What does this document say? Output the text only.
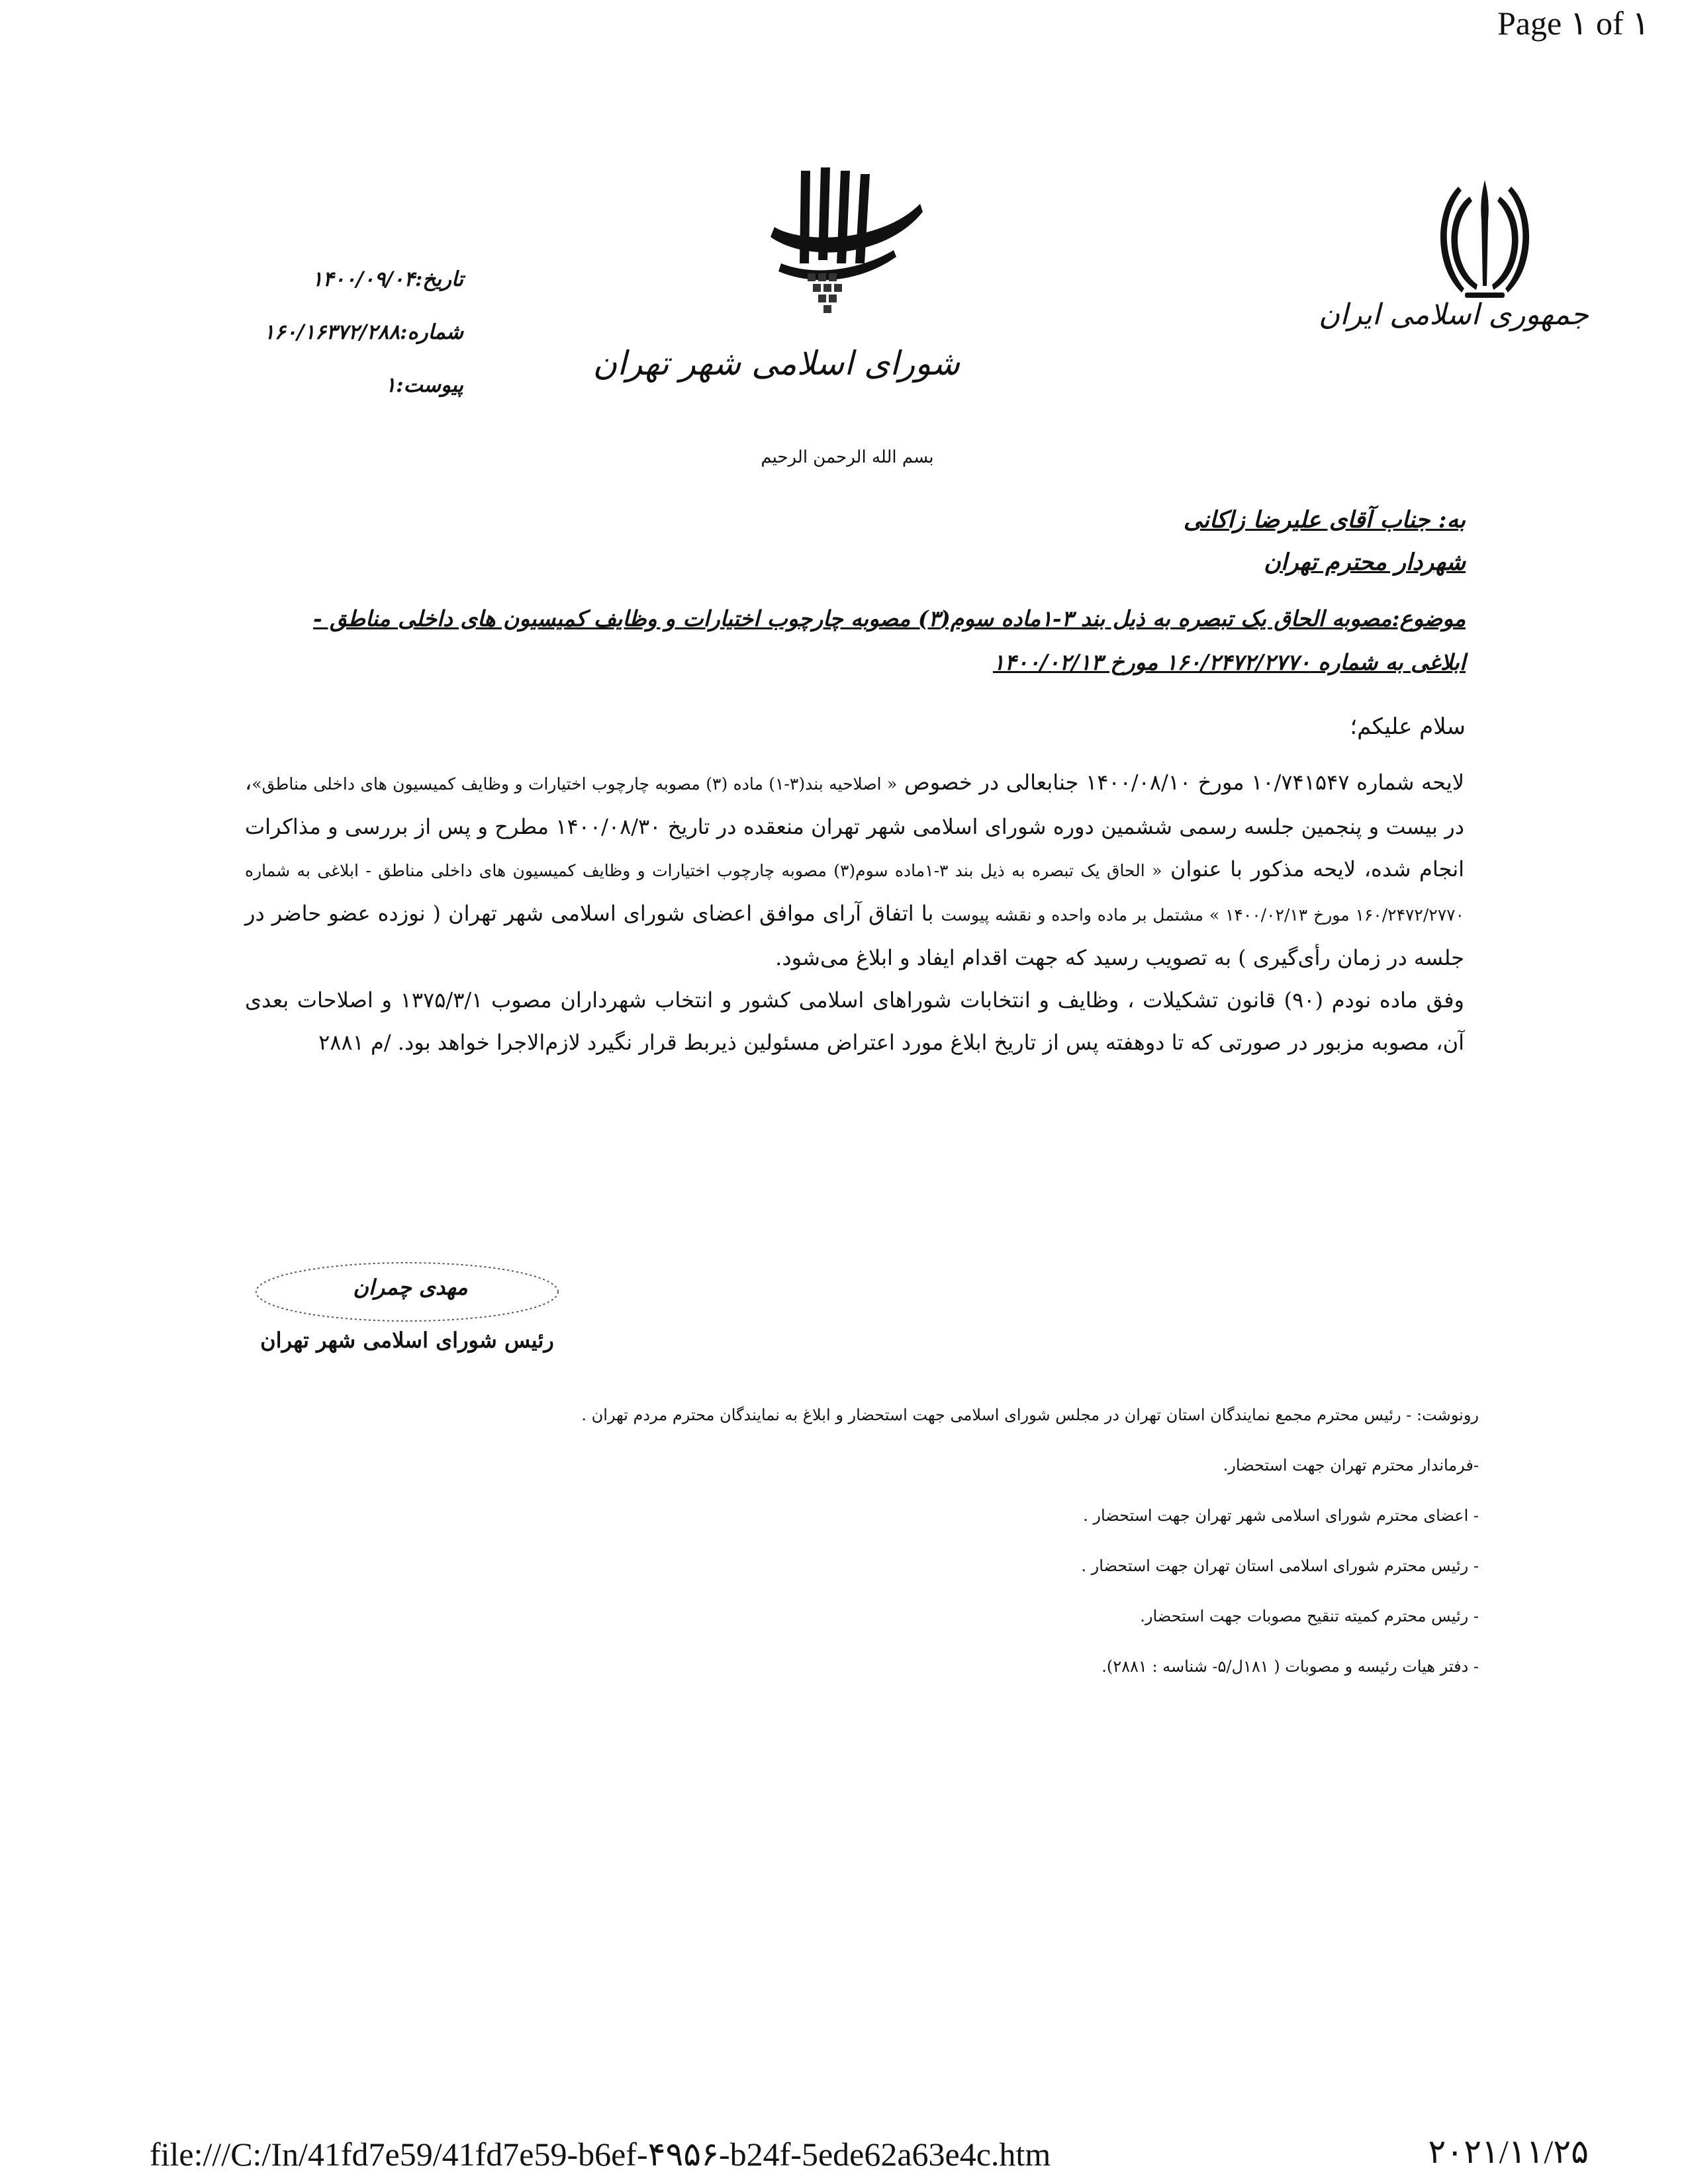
Page ۱ of ۱
جمهوری اسلامی ایران
شورای اسلامی شهر تهران
تاریخ:۱۴۰۰/۰۹/۰۴
شماره:۱۶۰/۱۶۳۷۲/۲۸۸
پیوست:۱
بسم الله الرحمن الرحیم
به: جناب آقای علیرضا زاکانی
شهردار محترم تهران
موضوع:مصوبه الحاق یک تبصره به ذیل بند ۳-۱ماده سوم(۳) مصوبه چارچوب اختیارات و وظایف کمیسیون های داخلی مناطق -
ابلاغی به شماره ۱۶۰/۲۴۷۲/۲۷۷۰ مورخ ۱۴۰۰/۰۲/۱۳
سلام علیکم؛

لایحه شماره ۱۰/۷۴۱۵۴۷ مورخ ۱۴۰۰/۰۸/۱۰ جنابعالی در خصوص « اصلاحیه بند(۳-۱) ماده (۳) مصوبه چارچوب اختیارات و وظایف کمیسیون های داخلی مناطق»، در بیست و پنجمین جلسه رسمی ششمین دوره شورای اسلامی شهر تهران منعقده در تاریخ ۱۴۰۰/۰۸/۳۰ مطرح و پس از بررسی و مذاکرات انجام شده، لایحه مذکور با عنوان « الحاق یک تبصره به ذیل بند ۳-۱ماده سوم(۳) مصوبه چارچوب اختیارات و وظایف کمیسیون های داخلی مناطق - ابلاغی به شماره ۱۶۰/۲۴۷۲/۲۷۷۰ مورخ ۱۴۰۰/۰۲/۱۳ » مشتمل بر ماده واحده و نقشه پیوست با اتفاق آرای موافق اعضای شورای اسلامی شهر تهران ( نوزده عضو حاضر در جلسه در زمان رأی‌گیری ) به تصویب رسید که جهت اقدام ایفاد و ابلاغ می‌شود.

وفق ماده نودم (۹۰) قانون تشکیلات ، وظایف و انتخابات شوراهای اسلامی کشور و انتخاب شهرداران مصوب ۱۳۷۵/۳/۱ و اصلاحات بعدی آن، مصوبه مزبور در صورتی که تا دوهفته پس از تاریخ ابلاغ مورد اعتراض مسئولین ذیربط قرار نگیرد لازم‌الاجرا خواهد بود. /م ۲۸۸۱

مهدی چمران
رئیس شورای اسلامی شهر تهران
رونوشت: - رئیس محترم مجمع نمایندگان استان تهران در مجلس شورای اسلامی جهت استحضار و ابلاغ به نمایندگان محترم مردم تهران .
-فرماندار محترم تهران جهت استحضار.
- اعضای محترم شورای اسلامی شهر تهران جهت استحضار .
- رئیس محترم شورای اسلامی استان تهران جهت استحضار .
- رئیس محترم کمیته تنقیح مصوبات جهت استحضار.
- دفتر هیات رئیسه و مصوبات ( ۱۸۱ل/۵- شناسه : ۲۸۸۱).
file:///C:/In/41fd7e59/41fd7e59-b6ef-۴۹۵۶-b24f-5ede62a63e4c.htm	۲۰۲۱/۱۱/۲۵
